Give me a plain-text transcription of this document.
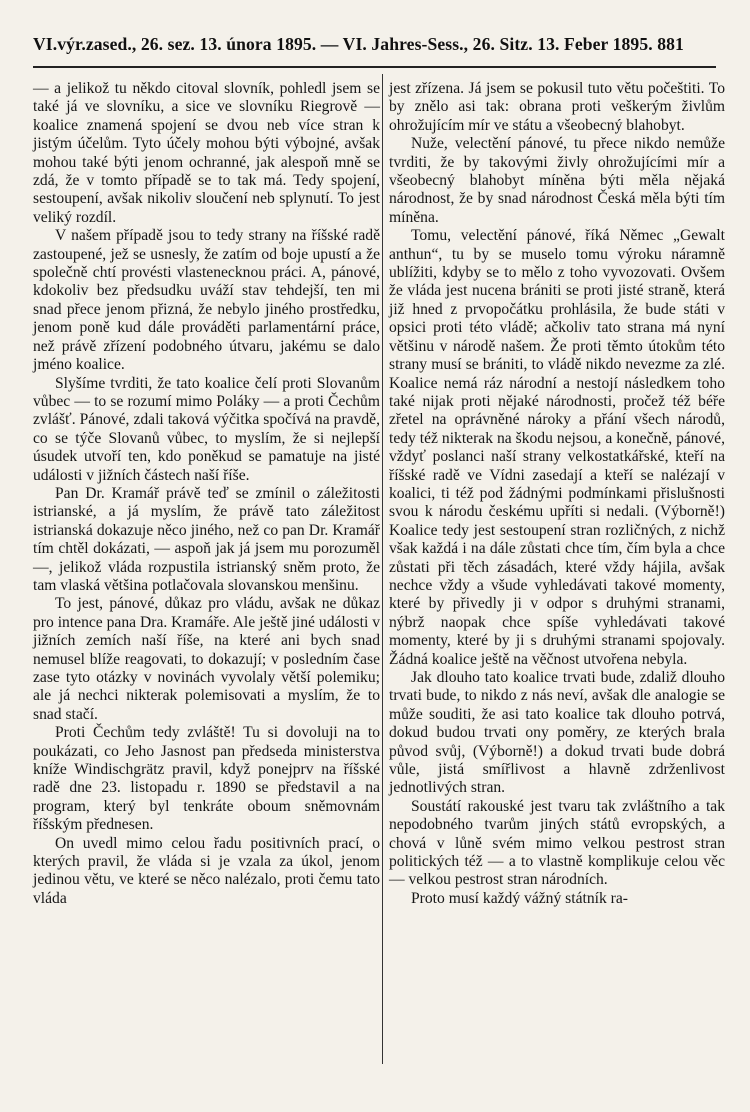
VI.výr.zased., 26. sez. 13. února 1895. — VI. Jahres-Sess., 26. Sitz. 13. Feber 1895. 881

— a jelikož tu někdo citoval slovník, pohledl jsem se také já ve slovníku, a sice ve slovníku Riegrově — koalice znamená spojení se dvou neb více stran k jistým účelům. Tyto účely mohou býti výbojné, avšak mohou také býti jenom ochranné, jak alespoň mně se zdá, že v tomto případě se to tak má. Tedy spojení, sestoupení, avšak nikoliv sloučení neb splynutí. To jest veliký rozdíl.

V našem případě jsou to tedy strany na říšské radě zastoupené, jež se usnesly, že zatím od boje upustí a že společně chtí provésti vlastenecknou práci. A, pánové, kdokoliv bez předsudku uváží stav tehdejší, ten mi snad přece jenom přizná, že nebylo jiného prostředku, jenom poně kud dále prováděti parlamentární práce, než právě zřízení podobného útvaru, jakému se dalo jméno koalice.

Slyšíme tvrditi, že tato koalice čelí proti Slovanům vůbec — to se rozumí mimo Poláky — a proti Čechům zvlášť. Pánové, zdali taková výčitka spočívá na pravdě, co se týče Slovanů vůbec, to myslím, že si nejlepší úsudek utvoří ten, kdo poněkud se pamatuje na jisté události v jižních částech naší říše.

Pan Dr. Kramář právě teď se zmínil o záležitosti istrianské, a já myslím, že právě tato záležitost istrianská dokazuje něco jiného, než co pan Dr. Kramář tím chtěl dokázati, — aspoň jak já jsem mu porozuměl —, jelikož vláda rozpustila istrianský sněm proto, že tam vlaská většina potlačovala slovanskou menšinu.

To jest, pánové, důkaz pro vládu, avšak ne důkaz pro intence pana Dra. Kramáře. Ale ještě jiné události v jižních zemích naší říše, na které ani bych snad nemusel blíže reagovati, to dokazují; v posledním čase zase tyto otázky v novinách vyvolaly větší polemiku; ale já nechci nikterak polemisovati a myslím, že to snad stačí.

Proti Čechům tedy zvláště! Tu si dovoluji na to poukázati, co Jeho Jasnost pan předseda ministerstva kníže Windischgrätz pravil, když ponejprv na říšské radě dne 23. listopadu r. 1890 se představil a na program, který byl tenkráte oboum sněmovnám říšským přednesen.

On uvedl mimo celou řadu positivních prací, o kterých pravil, že vláda si je vzala za úkol, jenom jedinou větu, ve které se něco nalézalo, proti čemu tato vláda

jest zřízena. Já jsem se pokusil tuto větu počeštiti. To by znělo asi tak: obrana proti veškerým živlům ohrožujícím mír ve státu a všeobecný blahobyt.

Nuže, velectění pánové, tu přece nikdo nemůže tvrditi, že by takovými živly ohrožujícími mír a všeobecný blahobyt míněna býti měla nějaká národnost, že by snad národnost Česká měla býti tím míněna.

Tomu, velectění pánové, říká Němec „Gewalt anthun“, tu by se muselo tomu výroku náramně ublížiti, kdyby se to mělo z toho vyvozovati. Ovšem že vláda jest nucena brániti se proti jisté straně, která již hned z prvopočátku prohlásila, že bude státi v opsici proti této vládě; ačkoliv tato strana má nyní většinu v národě našem. Že proti těmto útokům této strany musí se brániti, to vládě nikdo nevezme za zlé. Koalice nemá ráz národní a nestojí následkem toho také nijak proti nějaké národnosti, pročež též béře zřetel na oprávněné nároky a přání všech národů, tedy též nikterak na škodu nejsou, a konečně, pánové, vždyť poslanci naší strany velkostatkářské, kteří na říšské radě ve Vídni zasedají a kteří se nalézají v koalici, ti též pod žádnými podmínkami přislušnosti svou k národu českému upříti si nedali. (Výborně!) Koalice tedy jest sestoupení stran rozličných, z nichž však každá i na dále zůstati chce tím, čím byla a chce zůstati při těch zásadách, které vždy hájila, avšak nechce vždy a všude vyhledávati takové momenty, které by přivedly ji v odpor s druhými stranami, nýbrž naopak chce spíše vyhledávati takové momenty, které by ji s druhými stranami spojovaly. Žádná koalice ještě na věčnost utvořena nebyla.

Jak dlouho tato koalice trvati bude, zdaliž dlouho trvati bude, to nikdo z nás neví, avšak dle analogie se může souditi, že asi tato koalice tak dlouho potrvá, dokud budou trvati ony poměry, ze kterých brala původ svůj, (Výborně!) a dokud trvati bude dobrá vůle, jistá smířlivost a hlavně zdrženlivost jednotlivých stran.

Soustátí rakouské jest tvaru tak zvláštního a tak nepodobného tvarům jiných států evropských, a chová v lůně svém mimo velkou pestrost stran politických též — a to vlastně komplikuje celou věc — velkou pestrost stran národních.

Proto musí každý vážný státník ra-
